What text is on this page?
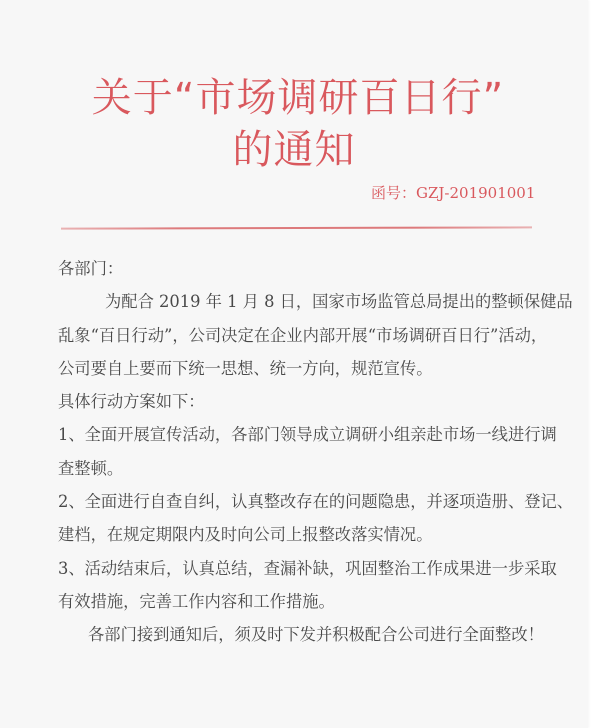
关于“市场调研百日行”
的通知
函号：GZJ-201901001
各部门：
为配合 2019 年 1 月 8 日，国家市场监管总局提出的整顿保健品
乱象“百日行动”，公司决定在企业内部开展“市场调研百日行”活动，
公司要自上要而下统一思想、统一方向，规范宣传。
具体行动方案如下：
1、全面开展宣传活动，各部门领导成立调研小组亲赴市场一线进行调
查整顿。
2、全面进行自查自纠，认真整改存在的问题隐患，并逐项造册、登记、
建档，在规定期限内及时向公司上报整改落实情况。
3、活动结束后，认真总结，查漏补缺，巩固整治工作成果进一步采取
有效措施，完善工作内容和工作措施。
各部门接到通知后，须及时下发并积极配合公司进行全面整改！
